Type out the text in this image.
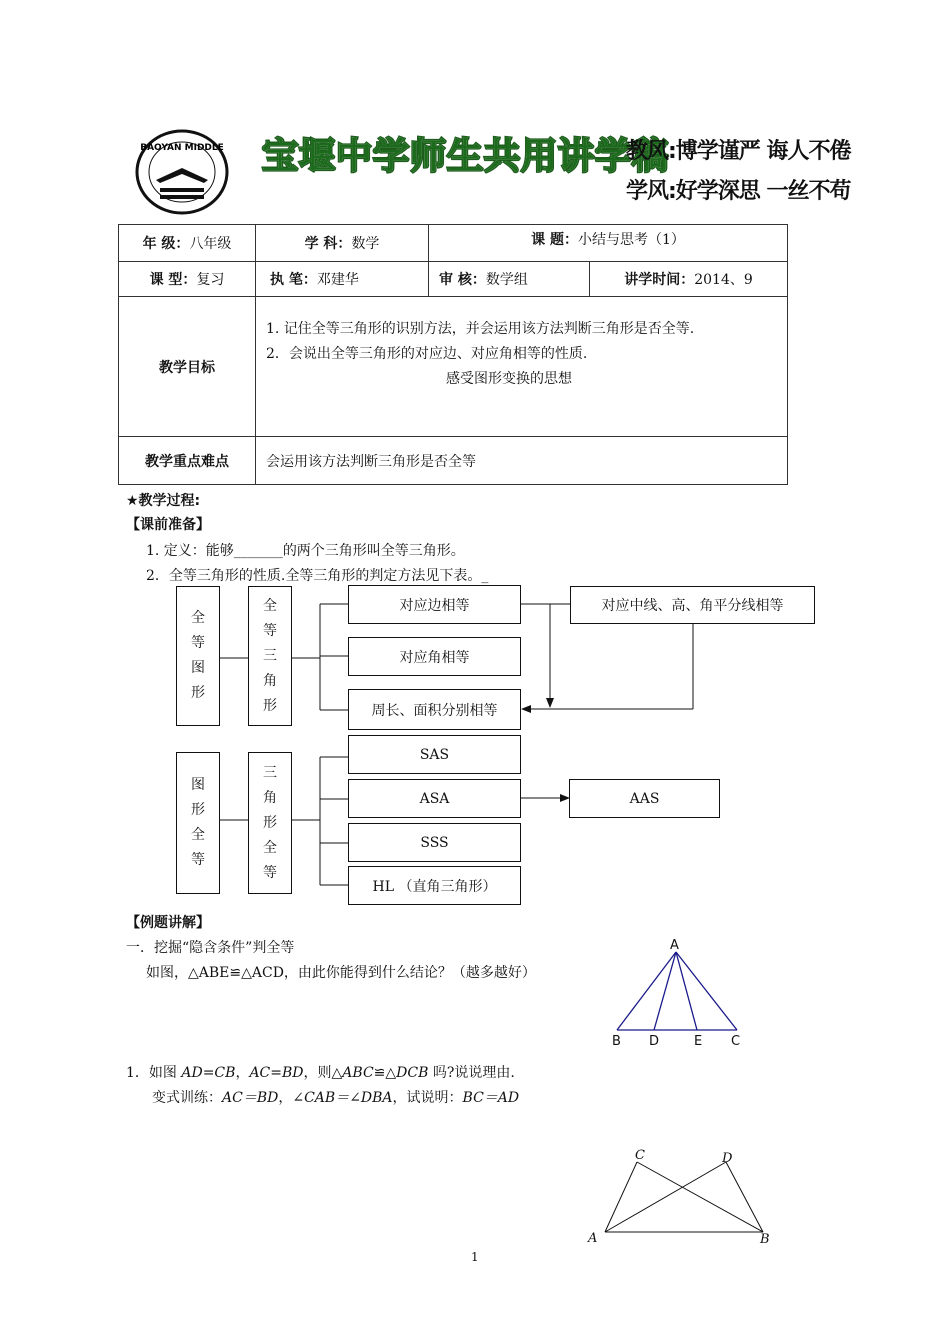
BAOYAN MIDDLE 宝堰中学师生共用讲学稿
教风:博学谨严 诲人不倦
学风:好学深思 一丝不苟
年 级：八年级	学 科：数学	课 题：小结与思考（1）	
课 型：复习	执 笔：邓建华	审 核：数学组	讲学时间：2014、9
教学目标	1. 记住全等三角形的识别方法，并会运用该方法判断三角形是否全等.
2．会说出全等三角形的对应边、对应角相等的性质.
感受图形变换的思想		

教学重点难点	会运用该方法判断三角形是否全等		
★教学过程:
【课前准备】
1. 定义：能够_______的两个三角形叫全等三角形。
2．全等三角形的性质.全等三角形的判定方法见下表。_
全
等
图
形
全
等
三
角
形
对应边相等
对应角相等
周长、面积分别相等
对应中线、高、角平分线相等
图
形
全
等
三
角
形
全
等
SAS
ASA
SSS
HL （直角三角形）
AAS
【例题讲解】
一．挖掘“隐含条件”判全等
如图，△ABE≌△ACD，由此你能得到什么结论？（越多越好）
A
B D	E C
1．如图 AD=CB，AC=BD，则△ABC≌△DCB 吗?说说理由.
变式训练：AC＝BD，∠CAB＝∠DBA，试说明：BC＝AD
A	B
C	D
1
